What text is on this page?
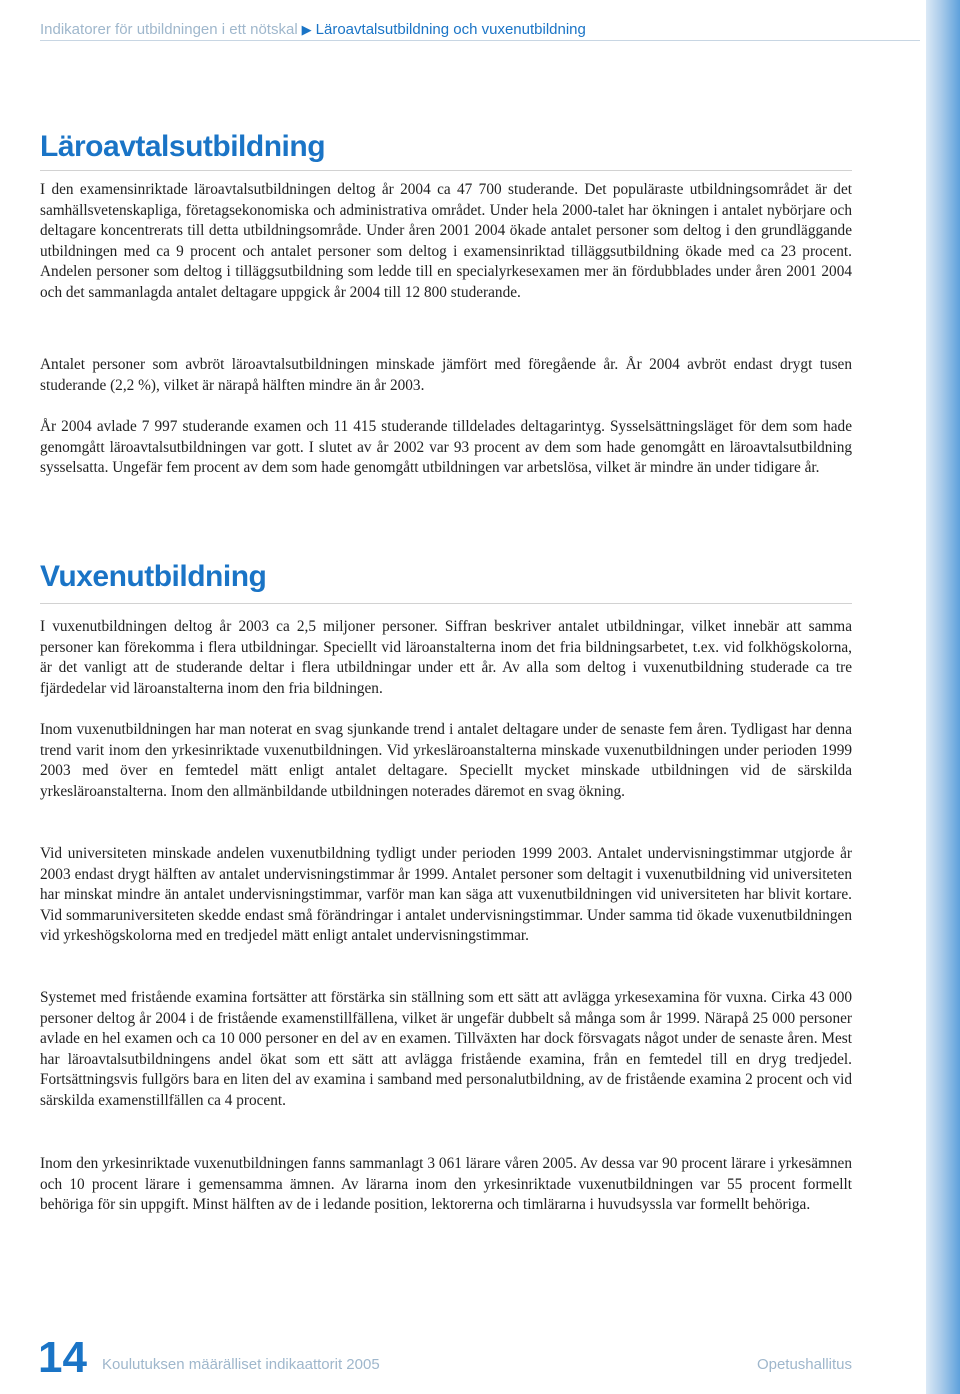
Indikatorer för utbildningen i ett nötskal ▶ Läroavtalsutbildning och vuxenutbildning
Läroavtalsutbildning

I den examensinriktade läroavtalsutbildningen deltog år 2004 ca 47 700 studerande. Det populäraste utbildningsområdet är det samhällsvetenskapliga, företagsekonomiska och administrativa området. Under hela 2000-talet har ökningen i antalet nybörjare och deltagare koncentrerats till detta utbildningsområde. Under åren 2001 2004 ökade antalet personer som deltog i den grundläggande utbildningen med ca 9 procent och antalet personer som deltog i examensinriktad tilläggsutbildning ökade med ca 23 procent. Andelen personer som deltog i tilläggsutbildning som ledde till en specialyrkesexamen mer än fördubblades under åren 2001 2004 och det sammanlagda antalet deltagare uppgick år 2004 till 12 800 studerande.

Antalet personer som avbröt läroavtalsutbildningen minskade jämfört med föregående år. År 2004 avbröt endast drygt tusen studerande (2,2 %), vilket är närapå hälften mindre än år 2003.

År 2004 avlade 7 997 studerande examen och 11 415 studerande tilldelades deltagarintyg. Sysselsättningsläget för dem som hade genomgått läroavtalsutbildningen var gott. I slutet av år 2002 var 93 procent av dem som hade genomgått en läroavtalsutbildning sysselsatta. Ungefär fem procent av dem som hade genomgått utbildningen var arbetslösa, vilket är mindre än under tidigare år.

Vuxenutbildning

I vuxenutbildningen deltog år 2003 ca 2,5 miljoner personer. Siffran beskriver antalet utbildningar, vilket innebär att samma personer kan förekomma i flera utbildningar. Speciellt vid läroanstalterna inom det fria bildningsarbetet, t.ex. vid folkhögskolorna, är det vanligt att de studerande deltar i flera utbildningar under ett år. Av alla som deltog i vuxenutbildning studerade ca tre fjärdedelar vid läroanstalterna inom den fria bildningen.

Inom vuxenutbildningen har man noterat en svag sjunkande trend i antalet deltagare under de senaste fem åren. Tydligast har denna trend varit inom den yrkesinriktade vuxenutbildningen. Vid yrkesläroanstalterna minskade vuxenutbildningen under perioden 1999 2003 med över en femtedel mätt enligt antalet deltagare. Speciellt mycket minskade utbildningen vid de särskilda yrkesläroanstalterna. Inom den allmänbildande utbildningen noterades däremot en svag ökning.

Vid universiteten minskade andelen vuxenutbildning tydligt under perioden 1999 2003. Antalet undervisningstimmar utgjorde år 2003 endast drygt hälften av antalet undervisningstimmar år 1999. Antalet personer som deltagit i vuxenutbildning vid universiteten har minskat mindre än antalet undervisningstimmar, varför man kan säga att vuxenutbildningen vid universiteten har blivit kortare. Vid sommaruniversiteten skedde endast små förändringar i antalet undervisningstimmar. Under samma tid ökade vuxenutbildningen vid yrkeshögskolorna med en tredjedel mätt enligt antalet undervisningstimmar.

Systemet med fristående examina fortsätter att förstärka sin ställning som ett sätt att avlägga yrkesexamina för vuxna. Cirka 43 000 personer deltog år 2004 i de fristående examenstillfällena, vilket är ungefär dubbelt så många som år 1999. Närapå 25 000 personer avlade en hel examen och ca 10 000 personer en del av en examen. Tillväxten har dock försvagats något under de senaste åren. Mest har läroavtalsutbildningens andel ökat som ett sätt att avlägga fristående examina, från en femtedel till en dryg tredjedel. Fortsättningsvis fullgörs bara en liten del av examina i samband med personalutbildning, av de fristående examina 2 procent och vid särskilda examenstillfällen ca 4 procent.

Inom den yrkesinriktade vuxenutbildningen fanns sammanlagt 3 061 lärare våren 2005. Av dessa var 90 procent lärare i yrkesämnen och 10 procent lärare i gemensamma ämnen. Av lärarna inom den yrkesinriktade vuxenutbildningen var 55 procent formellt behöriga för sin uppgift. Minst hälften av de i ledande position, lektorerna och timlärarna i huvudsyssla var formellt behöriga.

14 Koulutuksen määrälliset indikaattorit 2005	Opetushallitus
